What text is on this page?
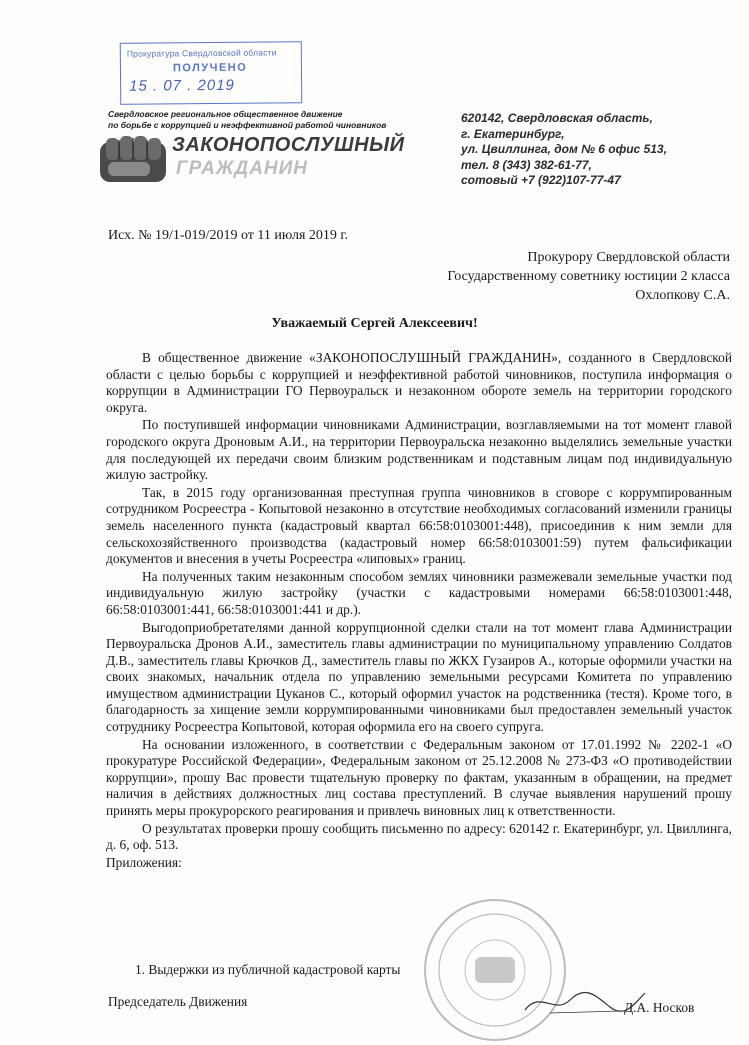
Прокуратура Свердловской области
ПОЛУЧЕНО
15 . 07 . 2019
Свердловское региональное общественное движение
по борьбе с коррупцией и неэффективной работой чиновников
ЗАКОНОПОСЛУШНЫЙ
ГРАЖДАНИН
620142, Свердловская область,
г. Екатеринбург,
ул. Цвиллинга, дом № 6 офис 513,
тел. 8 (343) 382-61-77,
сотовый +7 (922)107-77-47
Исх. № 19/1-019/2019 от 11 июля 2019 г.
Прокурору Свердловской области
Государственному советнику юстиции 2 класса
Охлопкову С.А.
Уважаемый Сергей Алексеевич!

В общественное движение «ЗАКОНОПОСЛУШНЫЙ ГРАЖДАНИН», созданного в Свердловской области с целью борьбы с коррупцией и неэффективной работой чиновников, поступила информация о коррупции в Администрации ГО Первоуральск и незаконном обороте земель на территории городского округа.

По поступившей информации чиновниками Администрации, возглавляемыми на тот момент главой городского округа Дроновым А.И., на территории Первоуральска незаконно выделялись земельные участки для последующей их передачи своим близким родственникам и подставным лицам под индивидуальную жилую застройку.

Так, в 2015 году организованная преступная группа чиновников в сговоре с коррумпированным сотрудником Росреестра - Копытовой незаконно в отсутствие необходимых согласований изменили границы земель населенного пункта (кадастровый квартал 66:58:0103001:448), присоединив к ним земли для сельскохозяйственного производства (кадастровый номер 66:58:0103001:59) путем фальсификации документов и внесения в учеты Росреестра «липовых» границ.

На полученных таким незаконным способом землях чиновники размежевали земельные участки под индивидуальную жилую застройку (участки с кадастровыми номерами 66:58:0103001:448, 66:58:0103001:441, 66:58:0103001:441 и др.).

Выгодоприобретателями данной коррупционной сделки стали на тот момент глава Администрации Первоуральска Дронов А.И., заместитель главы администрации по муниципальному управлению Солдатов Д.В., заместитель главы Крючков Д., заместитель главы по ЖКХ Гузаиров А., которые оформили участки на своих знакомых, начальник отдела по управлению земельными ресурсами Комитета по управлению имуществом администрации Цуканов С., который оформил участок на родственника (тестя). Кроме того, в благодарность за хищение земли коррумпированными чиновниками был предоставлен земельный участок сотруднику Росреестра Копытовой, которая оформила его на своего супруга.

На основании изложенного, в соответствии с Федеральным законом от 17.01.1992 № 2202-1 «О прокуратуре Российской Федерации», Федеральным законом от 25.12.2008 № 273-ФЗ «О противодействии коррупции», прошу Вас провести тщательную проверку по фактам, указанным в обращении, на предмет наличия в действиях должностных лиц состава преступлений. В случае выявления нарушений прошу принять меры прокурорского реагирования и привлечь виновных лиц к ответственности.

О результатах проверки прошу сообщить письменно по адресу: 620142 г. Екатеринбург, ул. Цвиллинга, д. 6, оф. 513.

Приложения:

1. Выдержки из публичной кадастровой карты
Председатель Движения	Д.А. Носков
